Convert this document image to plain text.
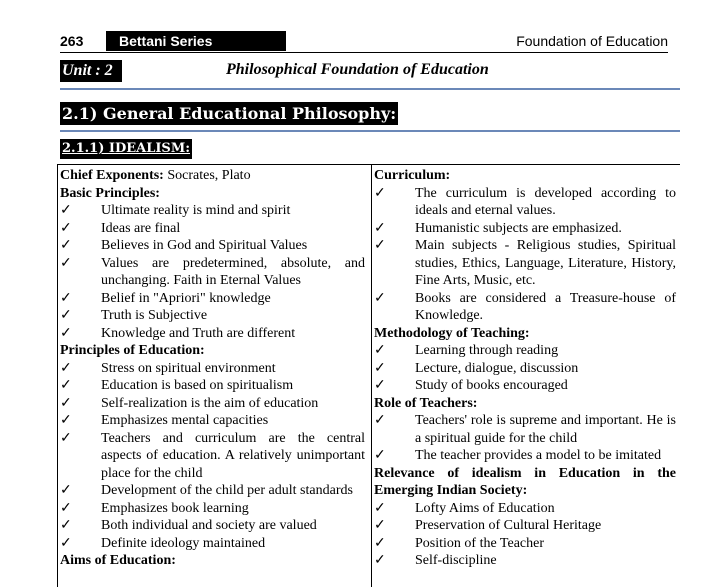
263	Bettani Series	Foundation of Education
Unit : 2	Philosophical Foundation of Education
2.1) General Educational Philosophy:
2.1.1) IDEALISM:

Chief Exponents: Socrates, Plato

Basic Principles:

✓ Ultimate reality is mind and spirit

✓ Ideas are final

✓ Believes in God and Spiritual Values

✓ Values are predetermined, absolute, and unchanging. Faith in Eternal Values

✓ Belief in "Apriori" knowledge

✓ Truth is Subjective

✓ Knowledge and Truth are different

Principles of Education:

✓ Stress on spiritual environment

✓ Education is based on spiritualism

✓ Self-realization is the aim of education

✓ Emphasizes mental capacities

✓ Teachers and curriculum are the central aspects of education. A relatively unimportant place for the child

✓ Development of the child per adult standards

✓ Emphasizes book learning

✓ Both individual and society are valued

✓ Definite ideology maintained

Aims of Education:

Curriculum:

✓ The curriculum is developed according to ideals and eternal values.

✓ Humanistic subjects are emphasized.

✓ Main subjects - Religious studies, Spiritual studies, Ethics, Language, Literature, History, Fine Arts, Music, etc.

✓ Books are considered a Treasure-house of Knowledge.

Methodology of Teaching:

✓ Learning through reading

✓ Lecture, dialogue, discussion

✓ Study of books encouraged

Role of Teachers:

✓ Teachers' role is supreme and important. He is a spiritual guide for the child

✓ The teacher provides a model to be imitated

Relevance of idealism in Education in the Emerging Indian Society:

✓ Lofty Aims of Education

✓ Preservation of Cultural Heritage

✓ Position of the Teacher

✓ Self-discipline
